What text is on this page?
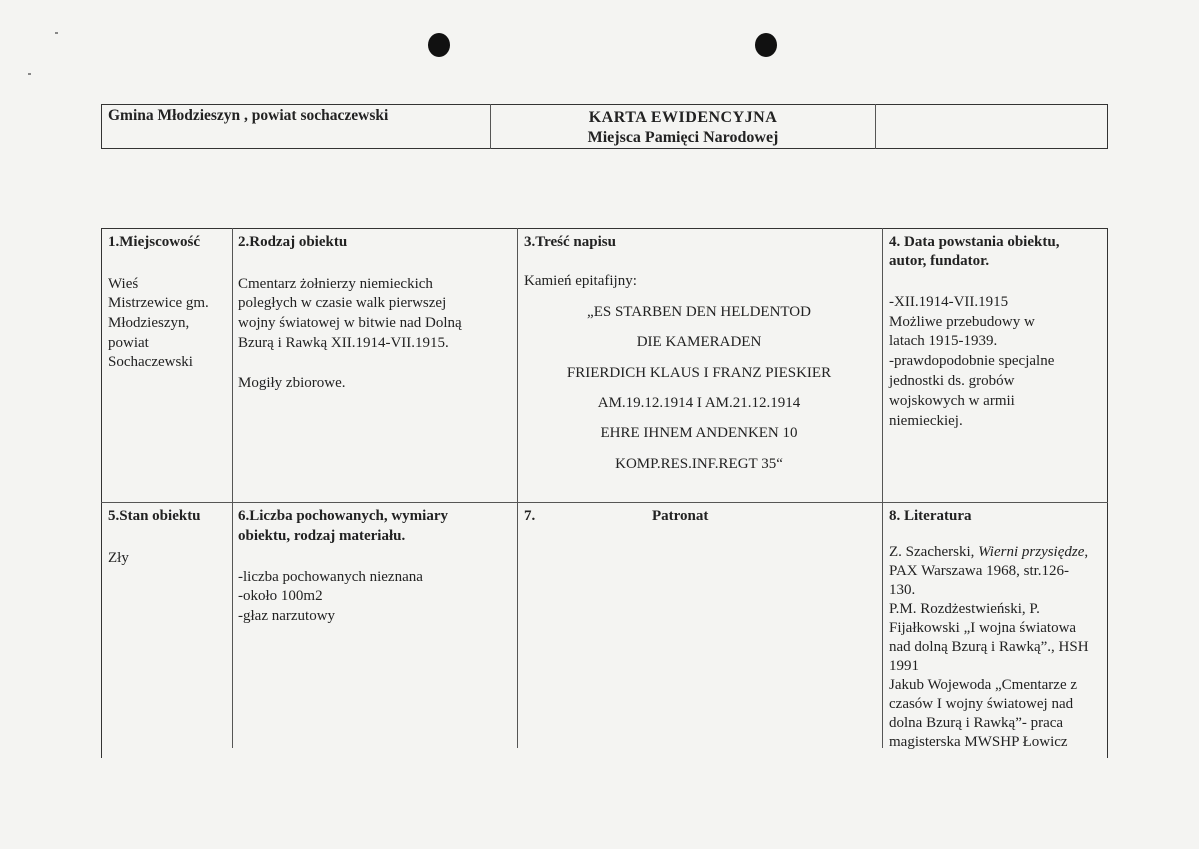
Gmina Młodzieszyn , powiat sochaczewski	KARTA EWIDENCYJNA
Miejsca Pamięci Narodowej
1.Miejscowość
Wieś
Mistrzewice gm.
Młodzieszyn,
powiat
Sochaczewski
2.Rodzaj obiektu
Cmentarz żołnierzy niemieckich
poległych w czasie walk pierwszej
wojny światowej w bitwie nad Dolną
Bzurą i Rawką XII.1914-VII.1915.
Mogiły zbiorowe.
3.Treść napisu
Kamień epitafijny:
„ES STARBEN DEN HELDENTOD
DIE KAMERADEN
FRIERDICH KLAUS I FRANZ PIESKIER
AM.19.12.1914 I AM.21.12.1914
EHRE IHNEM ANDENKEN 10
KOMP.RES.INF.REGT 35“
4. Data powstania obiektu,
autor, fundator.
-XII.1914-VII.1915
Możliwe przebudowy w
latach 1915-1939.
-prawdopodobnie specjalne
jednostki ds. grobów
wojskowych w armii
niemieckiej.
5.Stan obiektu
Zły
6.Liczba pochowanych, wymiary
obiektu, rodzaj materiału.
-liczba pochowanych nieznana
-około 100m2
-głaz narzutowy
7.	Patronat	8. Literatura
Z. Szacherski, Wierni przysiędze,
PAX Warszawa 1968, str.126-
130.
P.M. Rozdżestwieński, P.
Fijałkowski „I wojna światowa
nad dolną Bzurą i Rawką”., HSH
1991
Jakub Wojewoda „Cmentarze z
czasów I wojny światowej nad
dolna Bzurą i Rawką”- praca
magisterska MWSHP Łowicz
